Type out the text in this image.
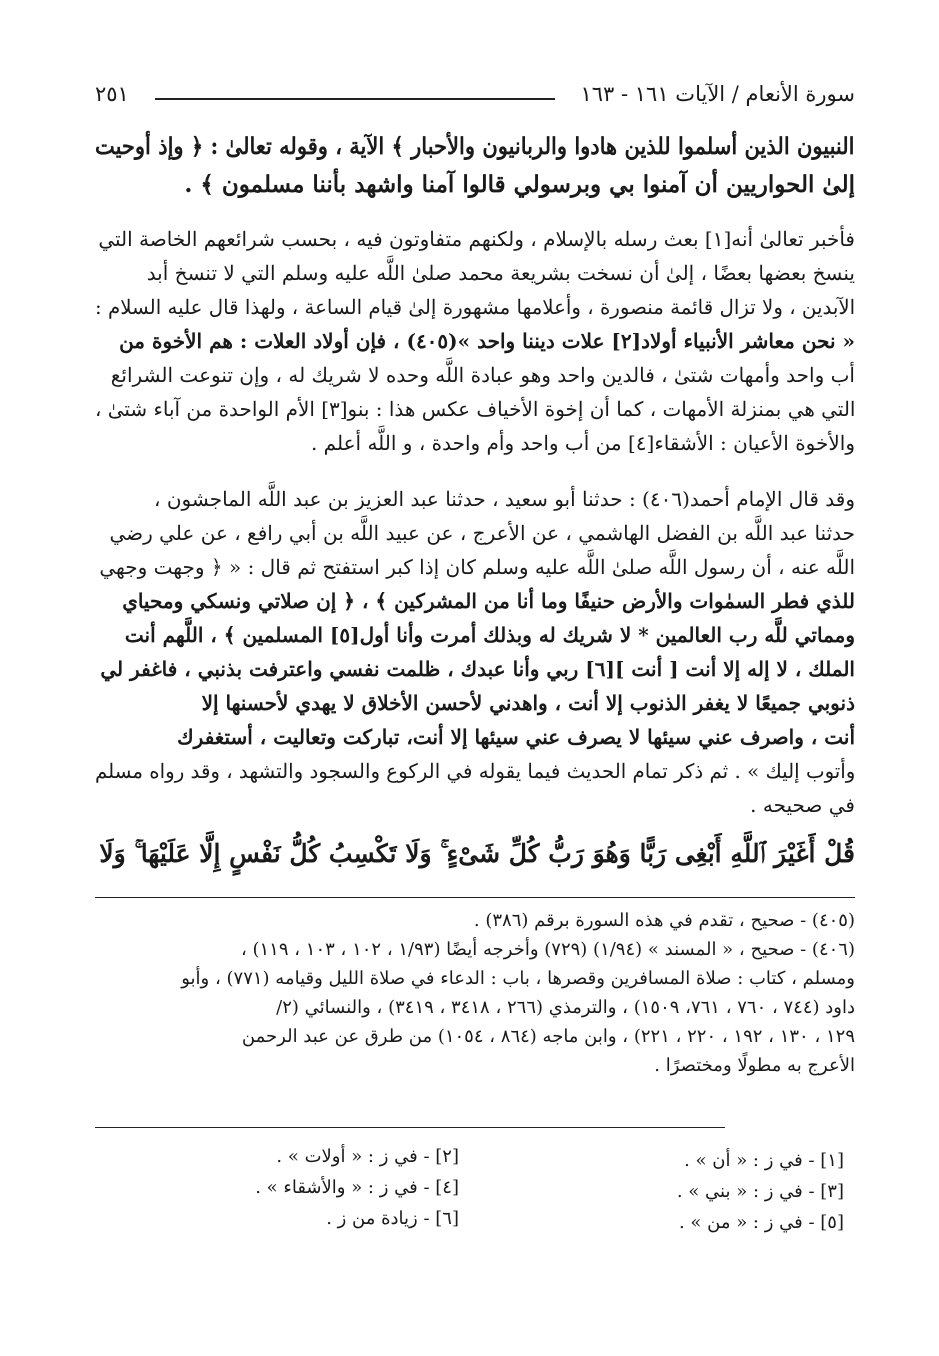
سورة الأنعام / الآيات ١٦١ - ١٦٣
٢٥١
النبيون الذين أسلموا للذين هادوا والربانيون والأحبار ﴾ الآية ، وقوله تعالىٰ : ﴿ وإذ أوحيت
إلىٰ الحواريين أن آمنوا بي وبرسولي قالوا آمنا واشهد بأننا مسلمون ﴾ .
فأخبر تعالىٰ أنه[١] بعث رسله بالإسلام ، ولكنهم متفاوتون فيه ، بحسب شرائعهم الخاصة التي
ينسخ بعضها بعضًا ، إلىٰ أن نسخت بشريعة محمد صلىٰ اللَّه عليه وسلم التي لا تنسخ أبد
الآبدين ، ولا تزال قائمة منصورة ، وأعلامها مشهورة إلىٰ قيام الساعة ، ولهذا قال عليه السلام :
« نحن معاشر الأنبياء أولاد[٢] علات ديننا واحد »(٤٠٥) ، فإن أولاد العلات : هم الأخوة من
أب واحد وأمهات شتىٰ ، فالدين واحد وهو عبادة اللَّه وحده لا شريك له ، وإن تنوعت الشرائع
التي هي بمنزلة الأمهات ، كما أن إخوة الأخياف عكس هذا : بنو[٣] الأم الواحدة من آباء شتىٰ ،
والأخوة الأعيان : الأشقاء[٤] من أب واحد وأم واحدة ، و اللَّه أعلم .
وقد قال الإمام أحمد(٤٠٦) : حدثنا أبو سعيد ، حدثنا عبد العزيز بن عبد اللَّه الماجشون ،
حدثنا عبد اللَّه بن الفضل الهاشمي ، عن الأعرج ، عن عبيد اللَّه بن أبي رافع ، عن علي رضي
اللَّه عنه ، أن رسول اللَّه صلىٰ اللَّه عليه وسلم كان إذا كبر استفتح ثم قال : « ﴿ وجهت وجهي
للذي فطر السمٰوات والأرض حنيفًا وما أنا من المشركين ﴾ ، ﴿ إن صلاتي ونسكي ومحياي
ومماتي للَّه رب العالمين * لا شريك له وبذلك أمرت وأنا أول[٥] المسلمين ﴾ ، اللَّهم أنت
الملك ، لا إله إلا أنت [ أنت ][٦] ربي وأنا عبدك ، ظلمت نفسي واعترفت بذنبي ، فاغفر لي
ذنوبي جميعًا لا يغفر الذنوب إلا أنت ، واهدني لأحسن الأخلاق لا يهدي لأحسنها إلا
أنت ، واصرف عني سيئها لا يصرف عني سيئها إلا أنت، تباركت وتعاليت ، أستغفرك
وأتوب إليك » . ثم ذكر تمام الحديث فيما يقوله في الركوع والسجود والتشهد ، وقد رواه مسلم
في صحيحه .
قُلْ أَغَيْرَ ٱللَّهِ أَبْغِى رَبًّا وَهُوَ رَبُّ كُلِّ شَىْءٍ ۚ وَلَا تَكْسِبُ كُلُّ نَفْسٍ إِلَّا عَلَيْهَا ۚ وَلَا
(٤٠٥) - صحيح ، تقدم في هذه السورة برقم (٣٨٦) .
(٤٠٦) - صحيح ، « المسند » (١/٩٤) (٧٢٩) وأخرجه أيضًا (١/٩٣ ، ١٠٢ ، ١٠٣ ، ١١٩) ،
ومسلم ، كتاب : صلاة المسافرين وقصرها ، باب : الدعاء في صلاة الليل وقيامه (٧٧١) ، وأبو
داود (٧٤٤ ، ٧٦٠ ، ٧٦١، ١٥٠٩) ، والترمذي (٢٦٦ ، ٣٤١٨ ، ٣٤١٩) ، والنسائي (٢/
١٢٩ ، ١٣٠ ، ١٩٢ ، ٢٢٠ ، ٢٢١) ، وابن ماجه (٨٦٤ ، ١٠٥٤) من طرق عن عبد الرحمن
الأعرج به مطولًا ومختصرًا .
[١] - في ز : « أن » .
[٢] - في ز : « أولات » .
[٣] - في ز : « بني » .
[٤] - في ز : « والأشقاء » .
[٥] - في ز : « من » .
[٦] - زيادة من ز .
